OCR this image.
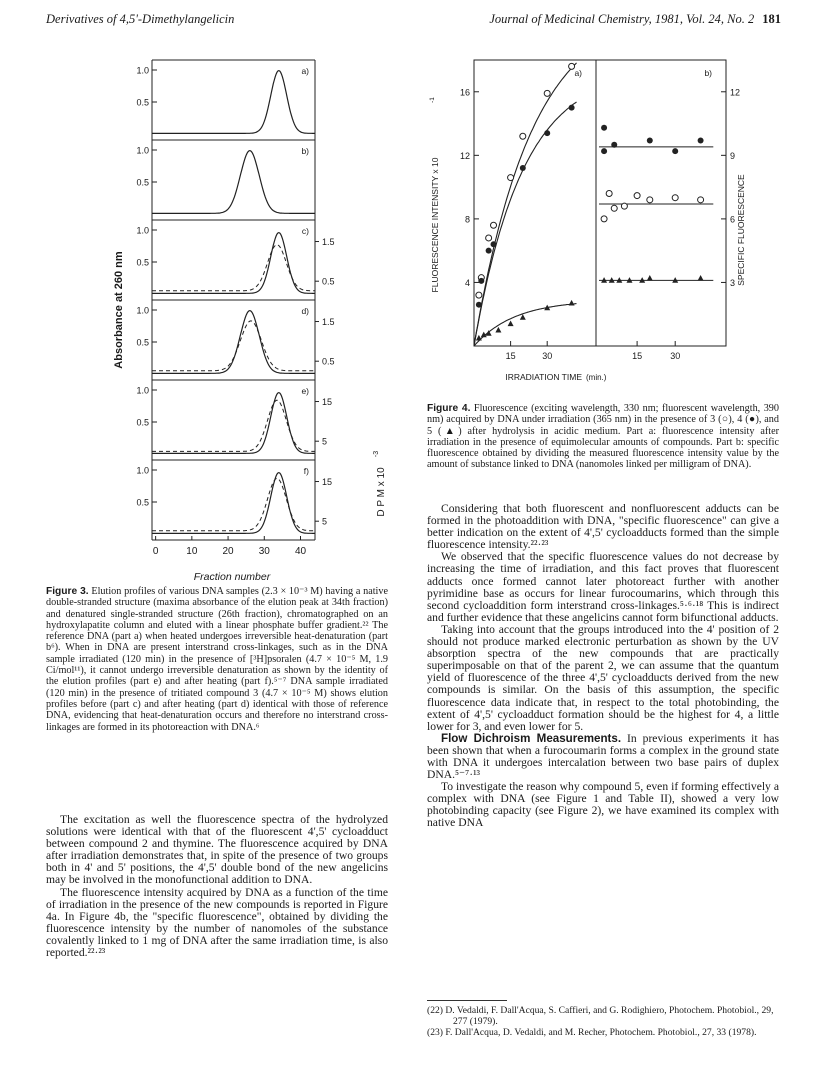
Derivatives of 4,5'-Dimethylangelicin	Journal of Medicinal Chemistry, 1981, Vol. 24, No. 2 181
1.0
0.5
a)
1.0
0.5
b)
1.0
0.5
1.5
0.5
c)
1.0
0.5
1.5
0.5
d)
1.0
0.5
15
5
e)
1.0
0.5
15
5
f)
Absorbance at 260 nm
D P M x 10
-3
0	10	20	30	40
Fraction number
Figure 3. Elution profiles of various DNA samples (2.3 × 10⁻³ M) having a native double-stranded structure (maxima absorbance of the elution peak at 34th fraction) and denatured single-stranded structure (26th fraction), chromatographed on an hydroxylapatite column and eluted with a linear phosphate buffer gradient.²² The reference DNA (part a) when heated undergoes irreversible heat-denaturation (part b⁶). When in DNA are present interstrand cross-linkages, such as in the DNA sample irradiated (120 min) in the presence of [³H]psoralen (4.7 × 10⁻⁵ M, 1.9 Ci/mol¹¹), it cannot undergo irreversible denaturation as shown by the identity of the elution profiles (part e) and after heating (part f).⁵⁻⁷ DNA sample irradiated (120 min) in the presence of tritiated compound 3 (4.7 × 10⁻⁵ M) shows elution profiles before (part c) and after heating (part d) identical with those of reference DNA, evidencing that heat-denaturation occurs and therefore no interstrand cross-linkages are formed in its photoreaction with DNA.⁶

The excitation as well the fluorescence spectra of the hydrolyzed solutions were identical with that of the fluorescent 4',5' cycloadduct between compound 2 and thymine. The fluorescence acquired by DNA after irradiation demonstrates that, in spite of the presence of two groups both in 4' and 5' positions, the 4',5' double bond of the new angelicins may be involved in the monofunctional addition to DNA.

The fluorescence intensity acquired by DNA as a function of the time of irradiation in the presence of the new compounds is reported in Figure 4a. In Figure 4b, the "specific fluorescence", obtained by dividing the fluorescence intensity by the number of nanomoles of the substance covalently linked to 1 mg of DNA after the same irradiation time, is also reported.²²·²³

a)	b)
16
12
8
4
12
9
6
3
15	30	15	30
FLUORESCENCE INTENSITY x 10
-1
SPECIFIC FLUORESCENCE
IRRADIATION TIME (min.)
Figure 4. Fluorescence (exciting wavelength, 330 nm; fluorescent wavelength, 390 nm) acquired by DNA under irradiation (365 nm) in the presence of 3 (○), 4 (●), and 5 (▲) after hydrolysis in acidic medium. Part a: fluorescence intensity after irradiation in the presence of equimolecular amounts of compounds. Part b: specific fluorescence obtained by dividing the measured fluorescence intensity value by the amount of substance linked to DNA (nanomoles linked per milligram of DNA).

Considering that both fluorescent and nonfluorescent adducts can be formed in the photoaddition with DNA, "specific fluorescence" can give a better indication on the extent of 4',5' cycloadducts formed than the simple fluorescence intensity.²²·²³

We observed that the specific fluorescence values do not decrease by increasing the time of irradiation, and this fact proves that fluorescent adducts once formed cannot later photoreact further with another pyrimidine base as occurs for linear furocoumarins, which through this second cycloaddition form interstrand cross-linkages.⁵·⁶·¹⁸ This is indirect and further evidence that these angelicins cannot form bifunctional adducts.

Taking into account that the groups introduced into the 4' position of 2 should not produce marked electronic perturbation as shown by the UV absorption spectra of the new compounds that are practically superimposable on that of the parent 2, we can assume that the quantum yield of fluorescence of the three 4',5' cycloadducts derived from the new compounds is similar. On the basis of this assumption, the specific fluorescence data indicate that, in respect to the total photobinding, the extent of 4',5' cycloadduct formation should be the highest for 4, a little lower for 3, and even lower for 5.

Flow Dichroism Measurements. In previous experiments it has been shown that when a furocoumarin forms a complex in the ground state with DNA it undergoes intercalation between two base pairs of duplex DNA.⁵⁻⁷·¹³

To investigate the reason why compound 5, even if forming effectively a complex with DNA (see Figure 1 and Table II), showed a very low photobinding capacity (see Figure 2), we have examined its complex with native DNA

(22) D. Vedaldi, F. Dall'Acqua, S. Caffieri, and G. Rodighiero, Photochem. Photobiol., 29, 277 (1979).
(23) F. Dall'Acqua, D. Vedaldi, and M. Recher, Photochem. Photobiol., 27, 33 (1978).
